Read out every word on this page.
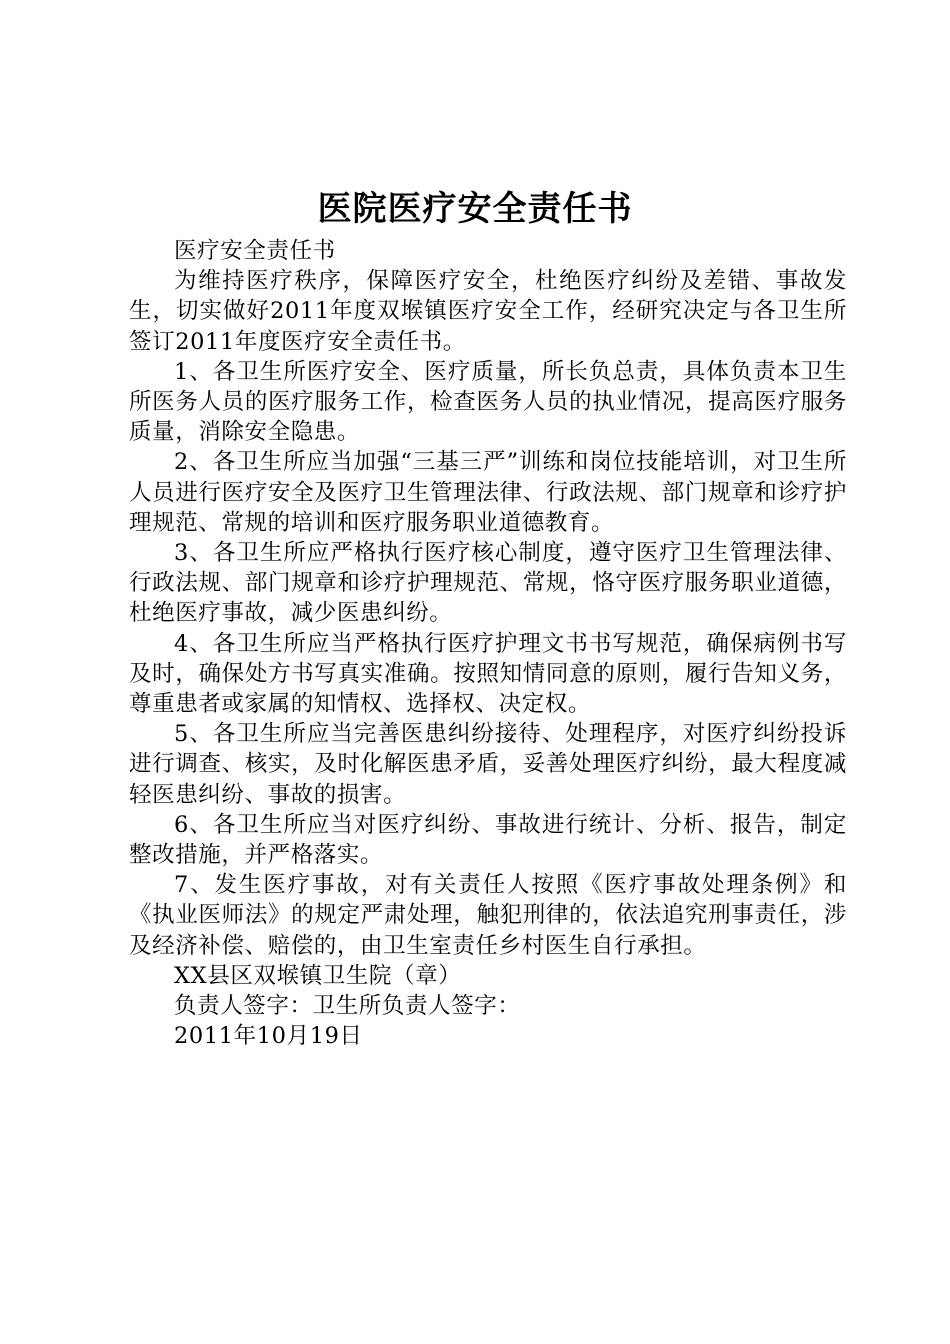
医院医疗安全责任书

医疗安全责任书

为维持医疗秩序，保障医疗安全，杜绝医疗纠纷及差错、事故发生，切实做好2011年度双堠镇医疗安全工作，经研究决定与各卫生所签订2011年度医疗安全责任书。

1、各卫生所医疗安全、医疗质量，所长负总责，具体负责本卫生所医务人员的医疗服务工作，检查医务人员的执业情况，提高医疗服务质量，消除安全隐患。

2、各卫生所应当加强“三基三严”训练和岗位技能培训，对卫生所人员进行医疗安全及医疗卫生管理法律、行政法规、部门规章和诊疗护理规范、常规的培训和医疗服务职业道德教育。

3、各卫生所应严格执行医疗核心制度，遵守医疗卫生管理法律、行政法规、部门规章和诊疗护理规范、常规，恪守医疗服务职业道德，杜绝医疗事故，减少医患纠纷。

4、各卫生所应当严格执行医疗护理文书书写规范，确保病例书写及时，确保处方书写真实准确。按照知情同意的原则，履行告知义务，尊重患者或家属的知情权、选择权、决定权。

5、各卫生所应当完善医患纠纷接待、处理程序，对医疗纠纷投诉进行调查、核实，及时化解医患矛盾，妥善处理医疗纠纷，最大程度减轻医患纠纷、事故的损害。

6、各卫生所应当对医疗纠纷、事故进行统计、分析、报告，制定整改措施，并严格落实。

7、发生医疗事故，对有关责任人按照《医疗事故处理条例》和《执业医师法》的规定严肃处理，触犯刑律的，依法追究刑事责任，涉及经济补偿、赔偿的，由卫生室责任乡村医生自行承担。

XX县区双堠镇卫生院（章）

负责人签字：卫生所负责人签字：

2011年10月19日
